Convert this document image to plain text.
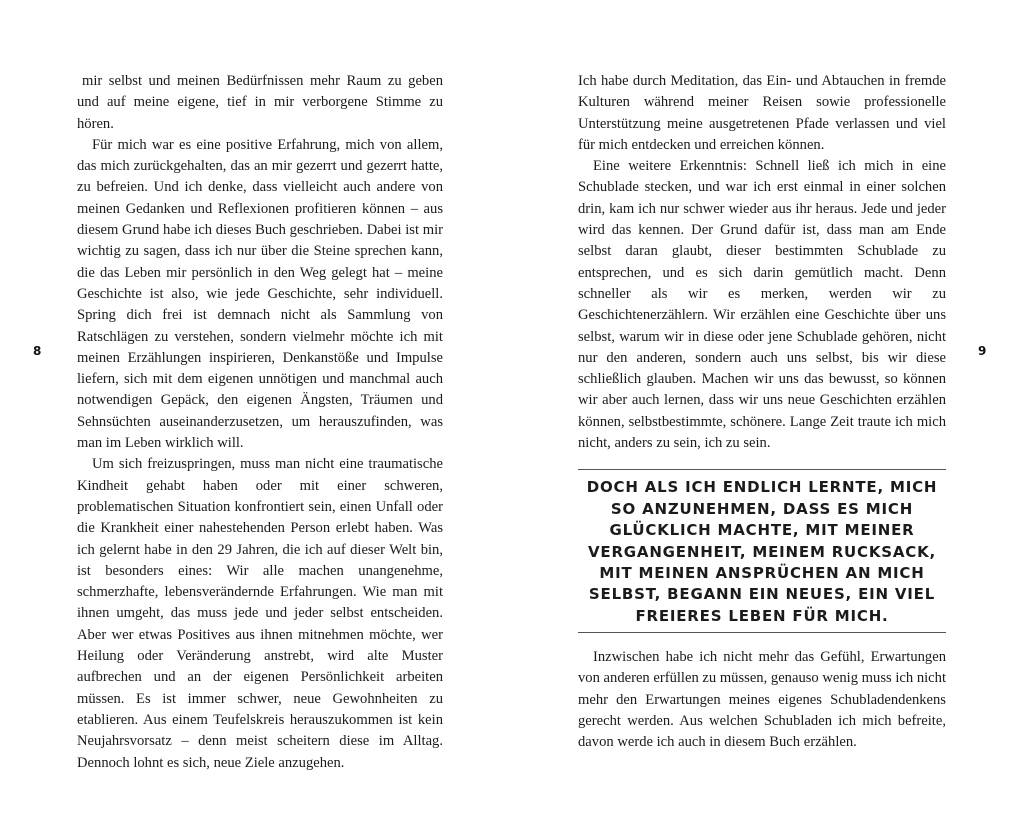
8	9

mir selbst und meinen Bedürfnissen mehr Raum zu geben und auf meine eigene, tief in mir verborgene Stimme zu hören.

Für mich war es eine positive Erfahrung, mich von allem, das mich zurückgehalten, das an mir gezerrt und gezerrt hatte, zu befreien. Und ich denke, dass vielleicht auch andere von meinen Gedanken und Reflexionen profitieren können – aus diesem Grund habe ich dieses Buch geschrieben. Dabei ist mir wichtig zu sagen, dass ich nur über die Steine sprechen kann, die das Leben mir persönlich in den Weg gelegt hat – meine Geschichte ist also, wie jede Geschichte, sehr individuell. Spring dich frei ist demnach nicht als Sammlung von Ratschlägen zu verstehen, sondern vielmehr möchte ich mit meinen Erzählungen inspirieren, Denkanstöße und Impulse liefern, sich mit dem eigenen unnötigen und manchmal auch notwendigen Gepäck, den eigenen Ängsten, Träumen und Sehnsüchten auseinanderzusetzen, um herauszufinden, was man im Leben wirklich will.

Um sich freizuspringen, muss man nicht eine traumatische Kindheit gehabt haben oder mit einer schweren, problematischen Situation konfrontiert sein, einen Unfall oder die Krankheit einer nahestehenden Person erlebt haben. Was ich gelernt habe in den 29 Jahren, die ich auf dieser Welt bin, ist besonders eines: Wir alle machen unangenehme, schmerzhafte, lebensverändernde Erfahrungen. Wie man mit ihnen umgeht, das muss jede und jeder selbst entscheiden. Aber wer etwas Positives aus ihnen mitnehmen möchte, wer Heilung oder Veränderung anstrebt, wird alte Muster aufbrechen und an der eigenen Persönlichkeit arbeiten müssen. Es ist immer schwer, neue Gewohnheiten zu etablieren. Aus einem Teufelskreis herauszukommen ist kein Neujahrsvorsatz – denn meist scheitern diese im Alltag. Dennoch lohnt es sich, neue Ziele anzugehen.

Ich habe durch Meditation, das Ein- und Abtauchen in fremde Kulturen während meiner Reisen sowie professionelle Unterstützung meine ausgetretenen Pfade verlassen und viel für mich entdecken und erreichen können.

Eine weitere Erkenntnis: Schnell ließ ich mich in eine Schublade stecken, und war ich erst einmal in einer solchen drin, kam ich nur schwer wieder aus ihr heraus. Jede und jeder wird das kennen. Der Grund dafür ist, dass man am Ende selbst daran glaubt, dieser bestimmten Schublade zu entsprechen, und es sich darin gemütlich macht. Denn schneller als wir es merken, werden wir zu Geschichtenerzählern. Wir erzählen eine Geschichte über uns selbst, warum wir in diese oder jene Schublade gehören, nicht nur den anderen, sondern auch uns selbst, bis wir diese schließlich glauben. Machen wir uns das bewusst, so können wir aber auch lernen, dass wir uns neue Geschichten erzählen können, selbstbestimmte, schönere. Lange Zeit traute ich mich nicht, anders zu sein, ich zu sein.

DOCH ALS ICH ENDLICH LERNTE, MICH SO ANZUNEHMEN, DASS ES MICH GLÜCKLICH MACHTE, MIT MEINER VERGANGENHEIT, MEINEM RUCKSACK, MIT MEINEN ANSPRÜCHEN AN MICH SELBST, BEGANN EIN NEUES, EIN VIEL FREIERES LEBEN FÜR MICH.

Inzwischen habe ich nicht mehr das Gefühl, Erwartungen von anderen erfüllen zu müssen, genauso wenig muss ich nicht mehr den Erwartungen meines eigenes Schubladendenkens gerecht werden. Aus welchen Schubladen ich mich befreite, davon werde ich auch in diesem Buch erzählen.
